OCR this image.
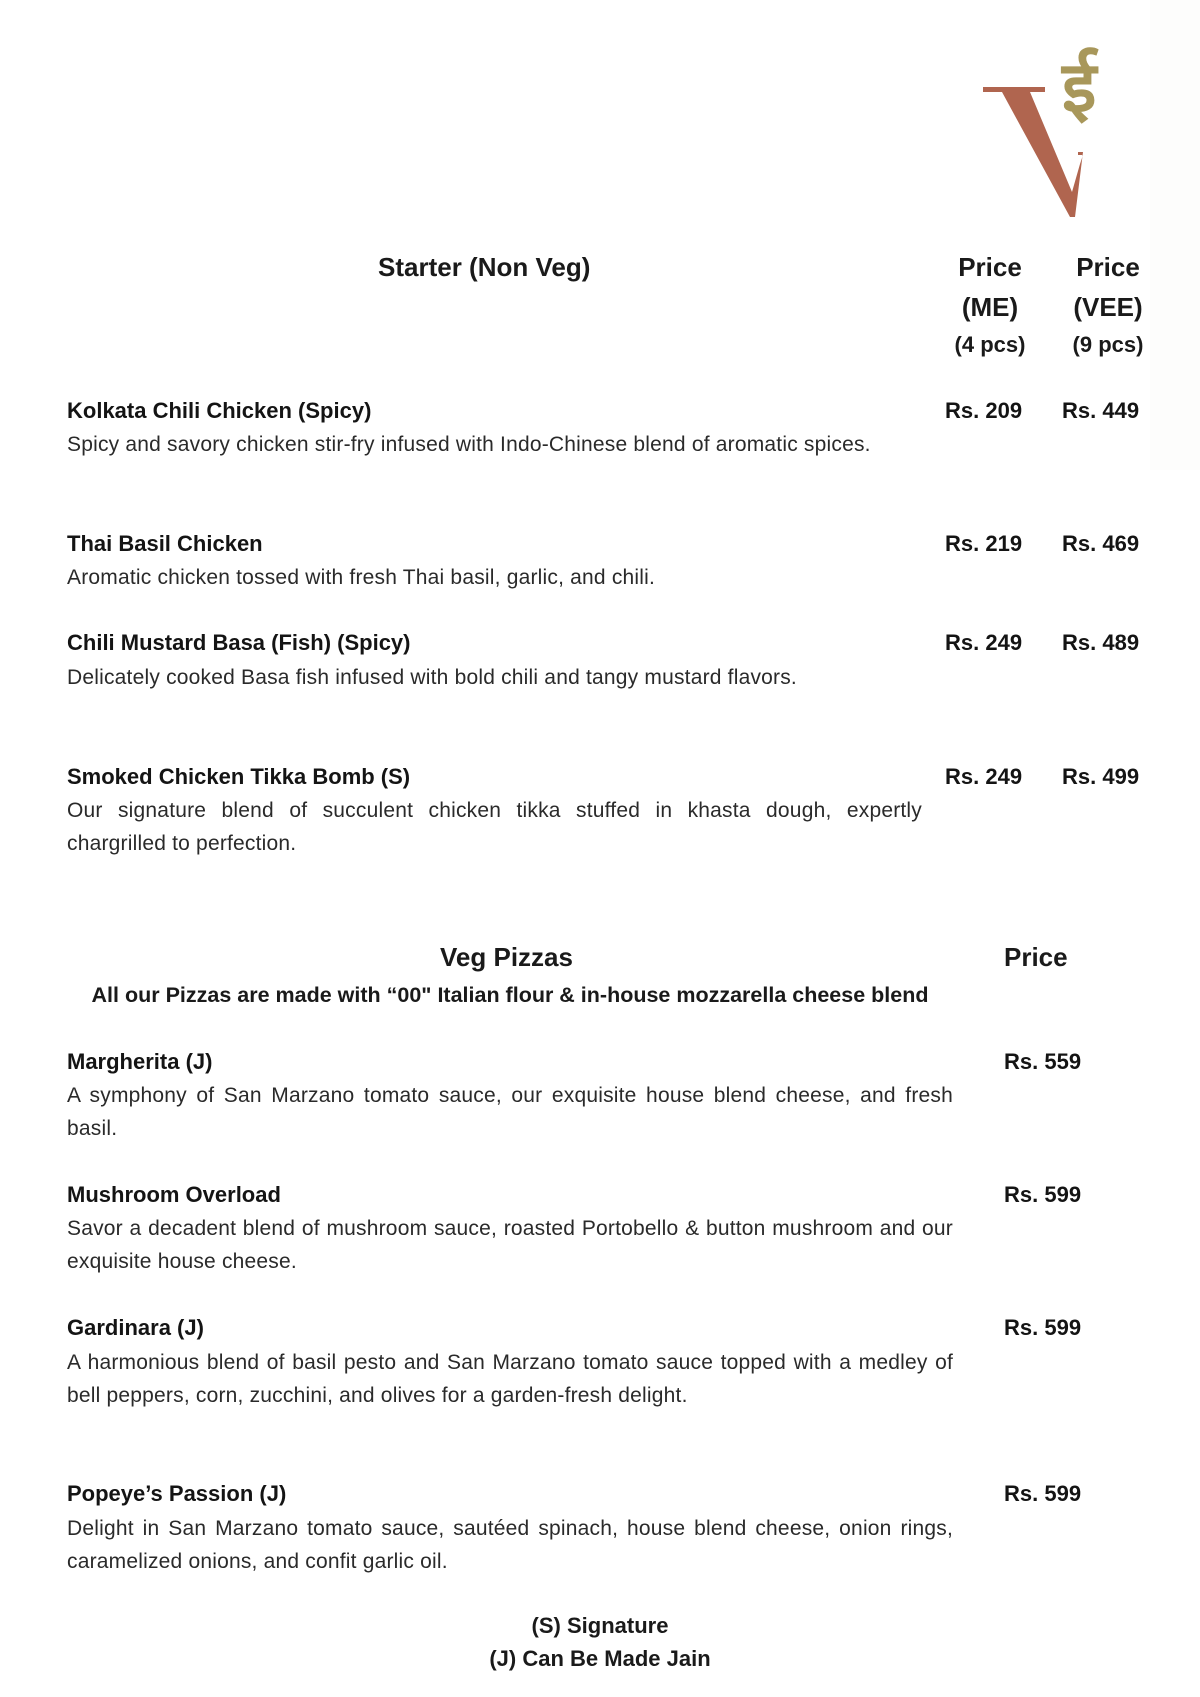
ई
Starter (Non Veg)	Price
(ME)
(4 pcs)
Price
(VEE)
(9 pcs)
Kolkata Chili Chicken (Spicy)
Spicy and savory chicken stir-fry infused with Indo-Chinese blend of aromatic spices.
Rs. 209 Rs. 449
Thai Basil Chicken
Aromatic chicken tossed with fresh Thai basil, garlic, and chili.
Rs. 219 Rs. 469
Chili Mustard Basa (Fish) (Spicy)
Delicately cooked Basa fish infused with bold chili and tangy mustard flavors.
Rs. 249 Rs. 489
Smoked Chicken Tikka Bomb (S)
Our signature blend of succulent chicken tikka stuffed in khasta dough, expertly chargrilled to perfection.
Rs. 249 Rs. 499
Veg Pizzas	Price
All our Pizzas are made with “00" Italian flour & in-house mozzarella cheese blend
Margherita (J)
A symphony of San Marzano tomato sauce, our exquisite house blend cheese, and fresh basil.
Rs. 559
Mushroom Overload
Savor a decadent blend of mushroom sauce, roasted Portobello & button mushroom and our exquisite house cheese.
Rs. 599
Gardinara (J)
A harmonious blend of basil pesto and San Marzano tomato sauce topped with a medley of bell peppers, corn, zucchini, and olives for a garden-fresh delight.
Rs. 599
Popeye’s Passion (J)
Delight in San Marzano tomato sauce, sautéed spinach, house blend cheese, onion rings, caramelized onions, and confit garlic oil.
Rs. 599
(S) Signature
(J) Can Be Made Jain
